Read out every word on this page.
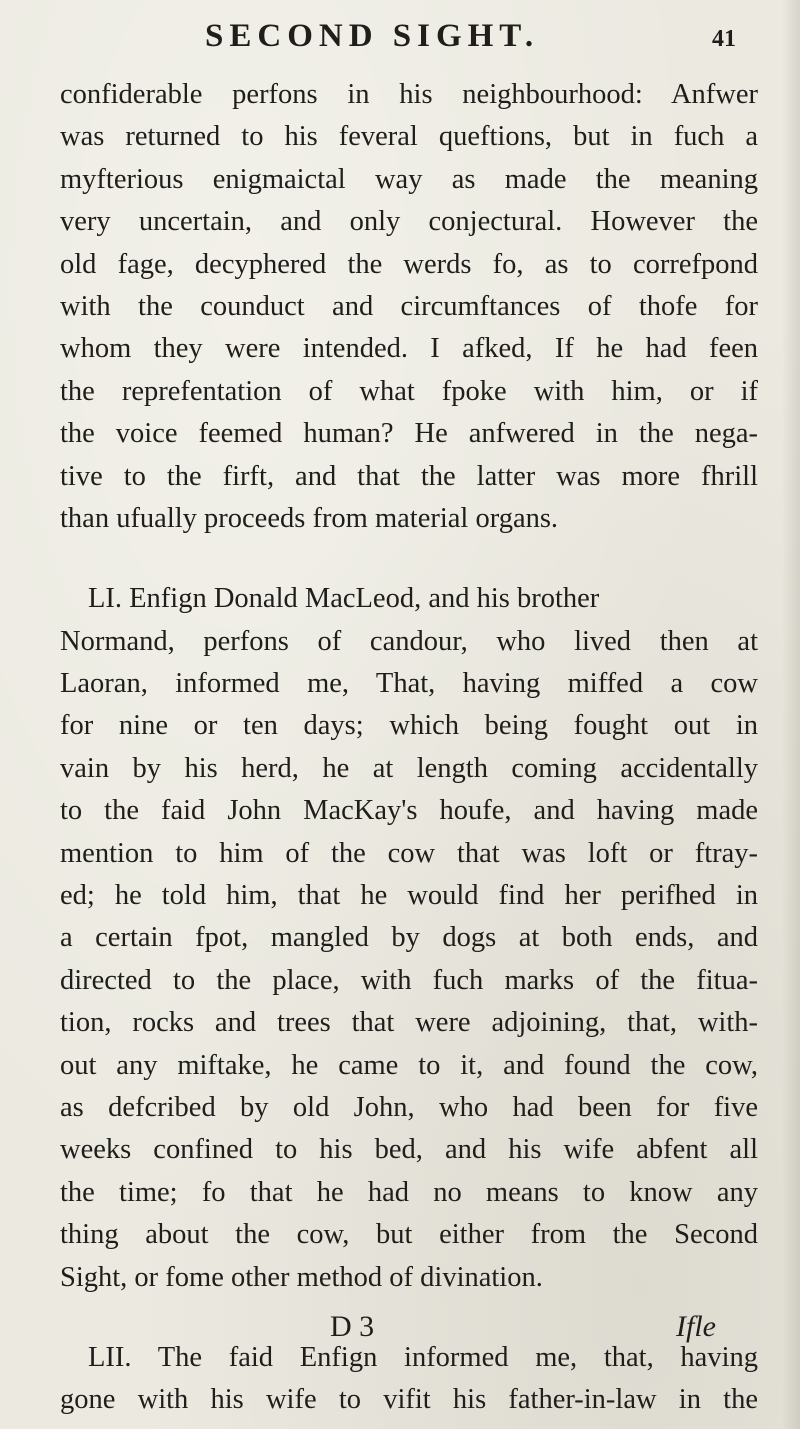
SECOND SIGHT.	41
confiderable perfons in his neighbourhood: Anfwer
was returned to his feveral queftions, but in fuch a
myfterious enigmaictal way as made the meaning
very uncertain, and only conjectural. However the
old fage, decyphered the werds fo, as to correfpond
with the counduct and circumftances of thofe for
whom they were intended. I afked, If he had feen
the reprefentation of what fpoke with him, or if
the voice feemed human? He anfwered in the nega-
tive to the firft, and that the latter was more fhrill
than ufually proceeds from material organs.
LI. Enfign Donald MacLeod, and his brother
Normand, perfons of candour, who lived then at
Laoran, informed me, That, having miffed a cow
for nine or ten days; which being fought out in
vain by his herd, he at length coming accidentally
to the faid John MacKay's houfe, and having made
mention to him of the cow that was loft or ftray-
ed; he told him, that he would find her perifhed in
a certain fpot, mangled by dogs at both ends, and
directed to the place, with fuch marks of the fitua-
tion, rocks and trees that were adjoining, that, with-
out any miftake, he came to it, and found the cow,
as defcribed by old John, who had been for five
weeks confined to his bed, and his wife abfent all
the time; fo that he had no means to know any
thing about the cow, but either from the Second
Sight, or fome other method of divination.
LII. The faid Enfign informed me, that, having
gone with his wife to vifit his father-in-law in the
D 3	Ifle
